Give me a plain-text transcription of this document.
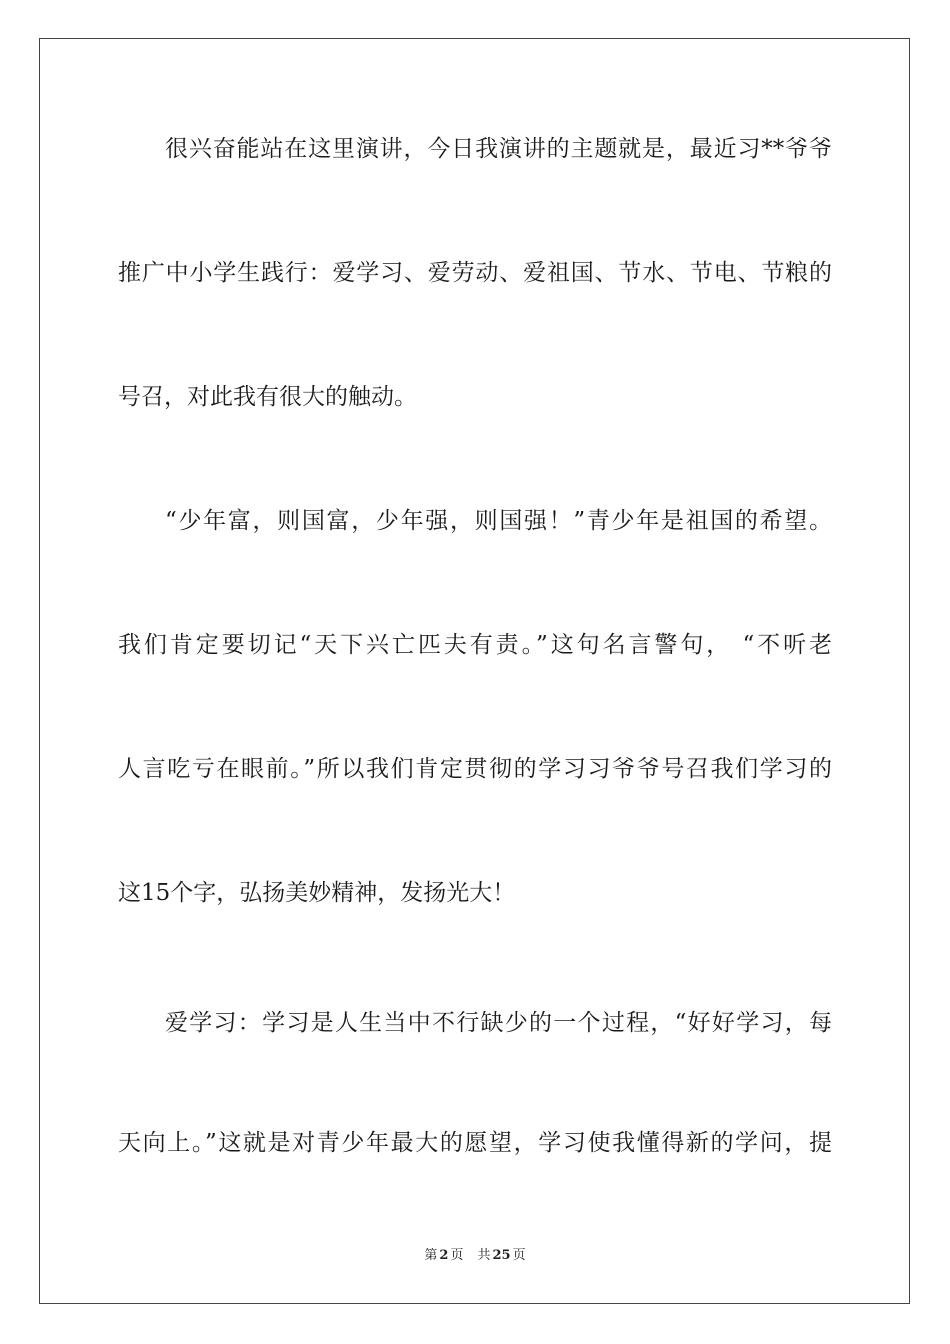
很兴奋能站在这里演讲，今日我演讲的主题就是，最近习**爷爷
推广中小学生践行：爱学习、爱劳动、爱祖国、节水、节电、节粮的
号召，对此我有很大的触动。
“少年富，则国富，少年强，则国强！”青少年是祖国的希望。
我们肯定要切记“天下兴亡匹夫有责。”这句名言警句， “不听老
人言吃亏在眼前。”所以我们肯定贯彻的学习习爷爷号召我们学习的
这15个字，弘扬美妙精神，发扬光大！
爱学习：学习是人生当中不行缺少的一个过程，“好好学习，每
天向上。”这就是对青少年最大的愿望，学习使我懂得新的学问，提
第 2 页 共 25 页
